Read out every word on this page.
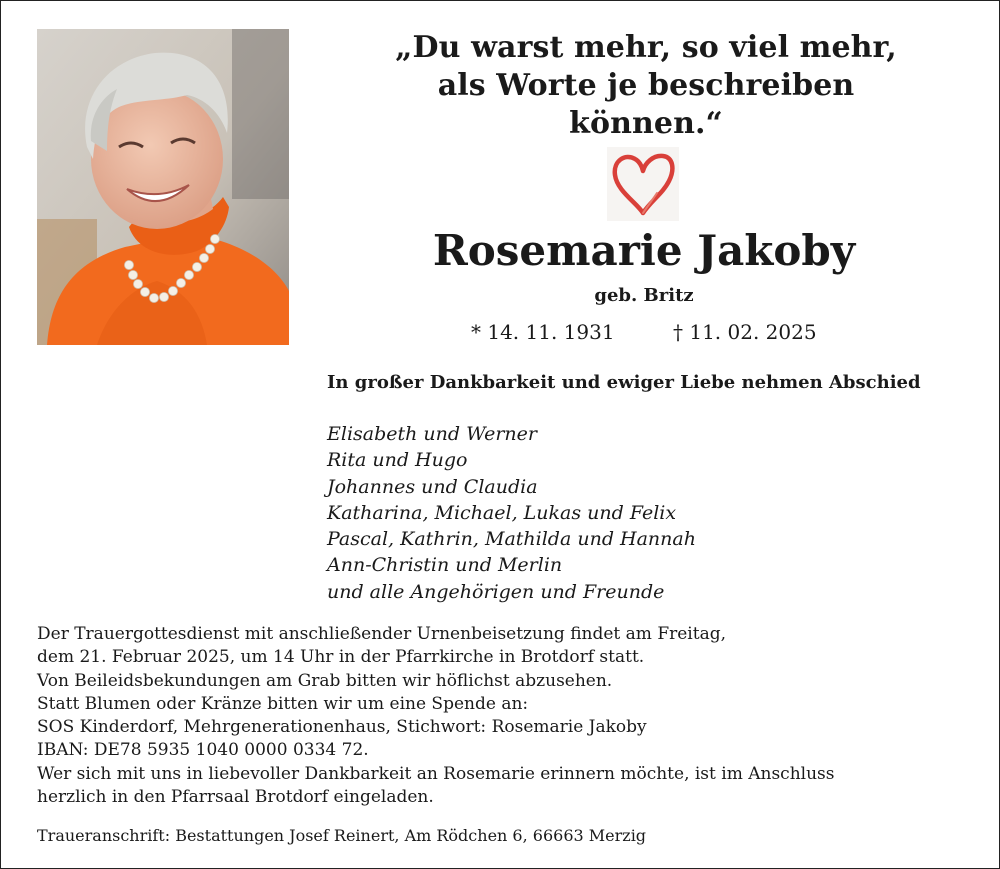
„Du warst mehr, so viel mehr,
als Worte je beschreiben
können.“
Rosemarie Jakoby
geb. Britz
* 14. 11. 1931	† 11. 02. 2025
In großer Dankbarkeit und ewiger Liebe nehmen Abschied
Elisabeth und Werner
Rita und Hugo
Johannes und Claudia
Katharina, Michael, Lukas und Felix
Pascal, Kathrin, Mathilda und Hannah
Ann-Christin und Merlin
und alle Angehörigen und Freunde
Der Trauergottesdienst mit anschließender Urnenbeisetzung findet am Freitag,
dem 21. Februar 2025, um 14 Uhr in der Pfarrkirche in Brotdorf statt.
Von Beileidsbekundungen am Grab bitten wir höflichst abzusehen.
Statt Blumen oder Kränze bitten wir um eine Spende an:
SOS Kinderdorf, Mehrgenerationenhaus, Stichwort: Rosemarie Jakoby
IBAN: DE78 5935 1040 0000 0334 72.
Wer sich mit uns in liebevoller Dankbarkeit an Rosemarie erinnern möchte, ist im Anschluss
herzlich in den Pfarrsaal Brotdorf eingeladen.
Traueranschrift: Bestattungen Josef Reinert, Am Rödchen 6, 66663 Merzig
